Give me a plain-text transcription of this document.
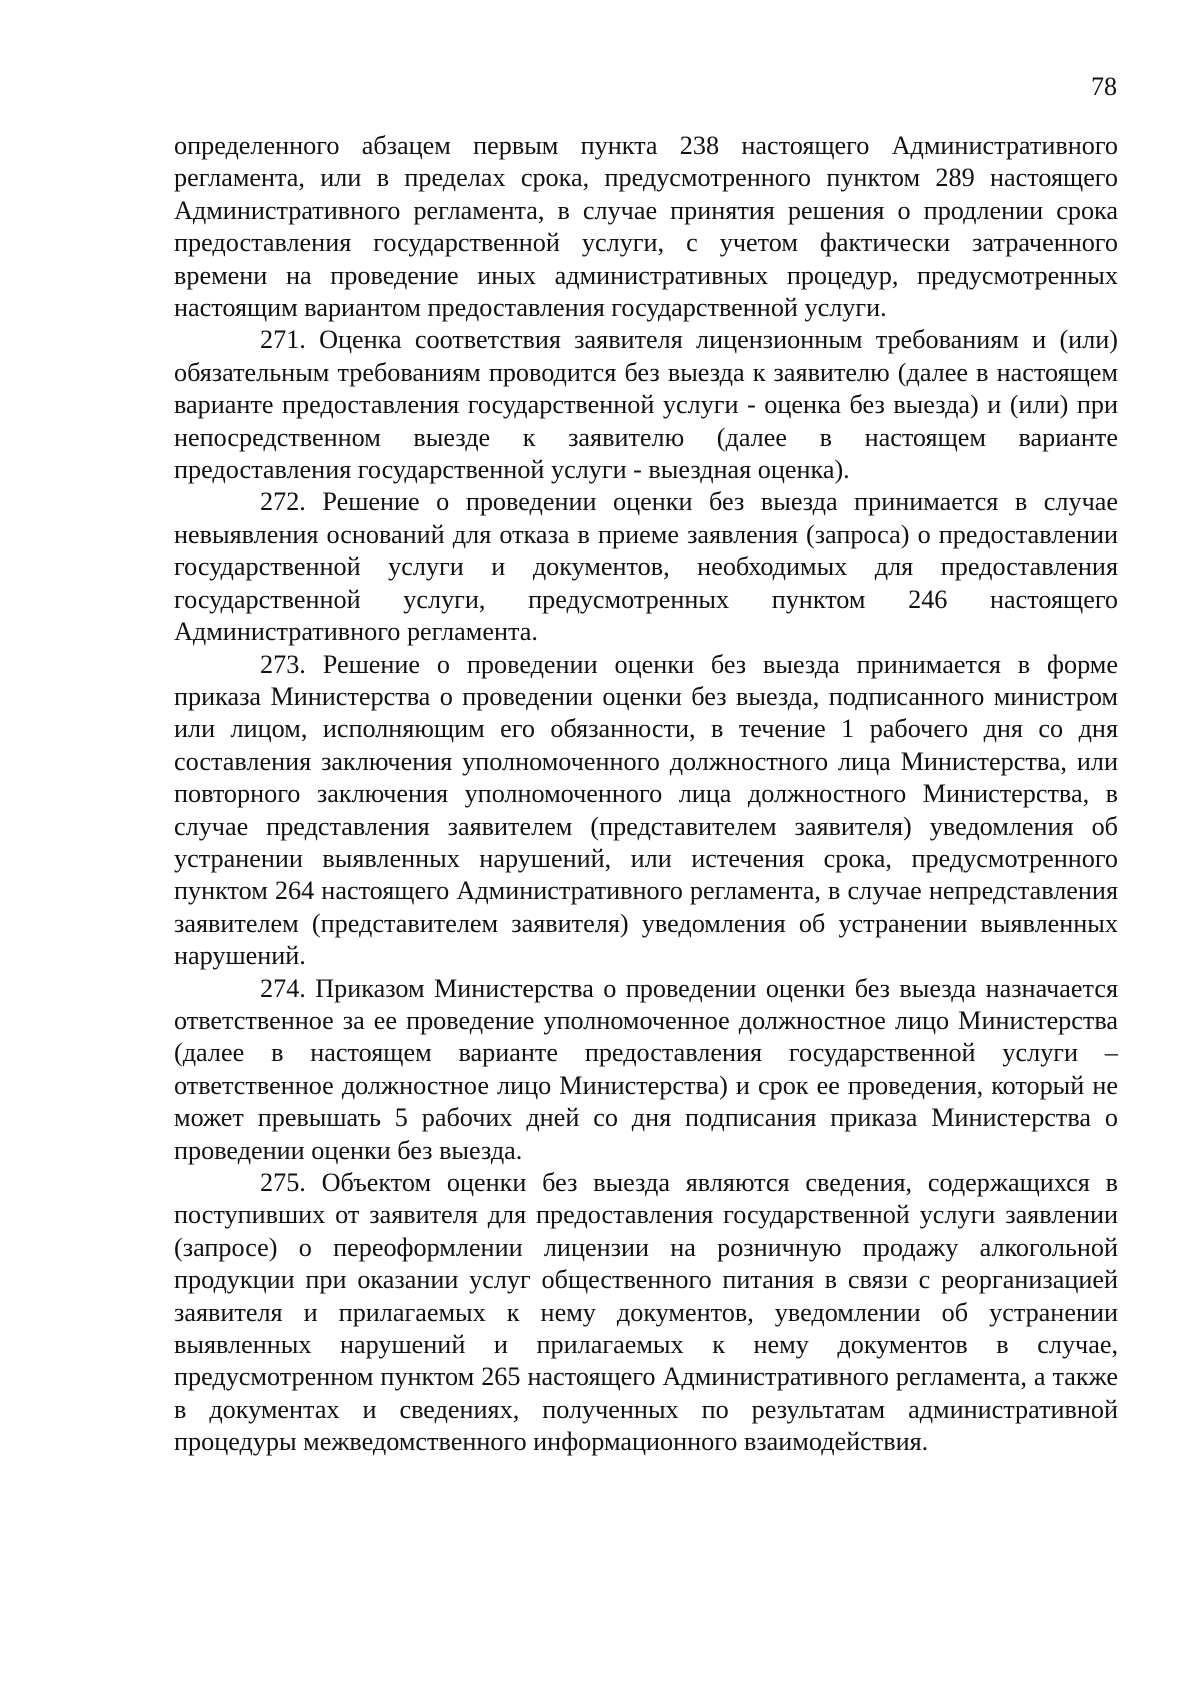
78

определенного абзацем первым пункта 238 настоящего Административного регламента, или в пределах срока, предусмотренного пунктом 289 настоящего Административного регламента, в случае принятия решения о продлении срока предоставления государственной услуги, с учетом фактически затраченного времени на проведение иных административных процедур, предусмотренных настоящим вариантом предоставления государственной услуги.

271. Оценка соответствия заявителя лицензионным требованиям и (или) обязательным требованиям проводится без выезда к заявителю (далее в настоящем варианте предоставления государственной услуги - оценка без выезда) и (или) при непосредственном выезде к заявителю (далее в настоящем варианте предоставления государственной услуги - выездная оценка).

272. Решение о проведении оценки без выезда принимается в случае невыявления оснований для отказа в приеме заявления (запроса) о предоставлении государственной услуги и документов, необходимых для предоставления государственной услуги, предусмотренных пунктом 246 настоящего Административного регламента.

273. Решение о проведении оценки без выезда принимается в форме приказа Министерства о проведении оценки без выезда, подписанного министром или лицом, исполняющим его обязанности, в течение 1 рабочего дня со дня составления заключения уполномоченного должностного лица Министерства, или повторного заключения уполномоченного лица должностного Министерства, в случае представления заявителем (представителем заявителя) уведомления об устранении выявленных нарушений, или истечения срока, предусмотренного пунктом 264 настоящего Административного регламента, в случае непредставления заявителем (представителем заявителя) уведомления об устранении выявленных нарушений.

274. Приказом Министерства о проведении оценки без выезда назначается ответственное за ее проведение уполномоченное должностное лицо Министерства (далее в настоящем варианте предоставления государственной услуги – ответственное должностное лицо Министерства) и срок ее проведения, который не может превышать 5 рабочих дней со дня подписания приказа Министерства о проведении оценки без выезда.

275. Объектом оценки без выезда являются сведения, содержащихся в поступивших от заявителя для предоставления государственной услуги заявлении (запросе) о переоформлении лицензии на розничную продажу алкогольной продукции при оказании услуг общественного питания в связи с реорганизацией заявителя и прилагаемых к нему документов, уведомлении об устранении выявленных нарушений и прилагаемых к нему документов в случае, предусмотренном пунктом 265 настоящего Административного регламента, а также в документах и сведениях, полученных по результатам административной процедуры межведомственного информационного взаимодействия.
